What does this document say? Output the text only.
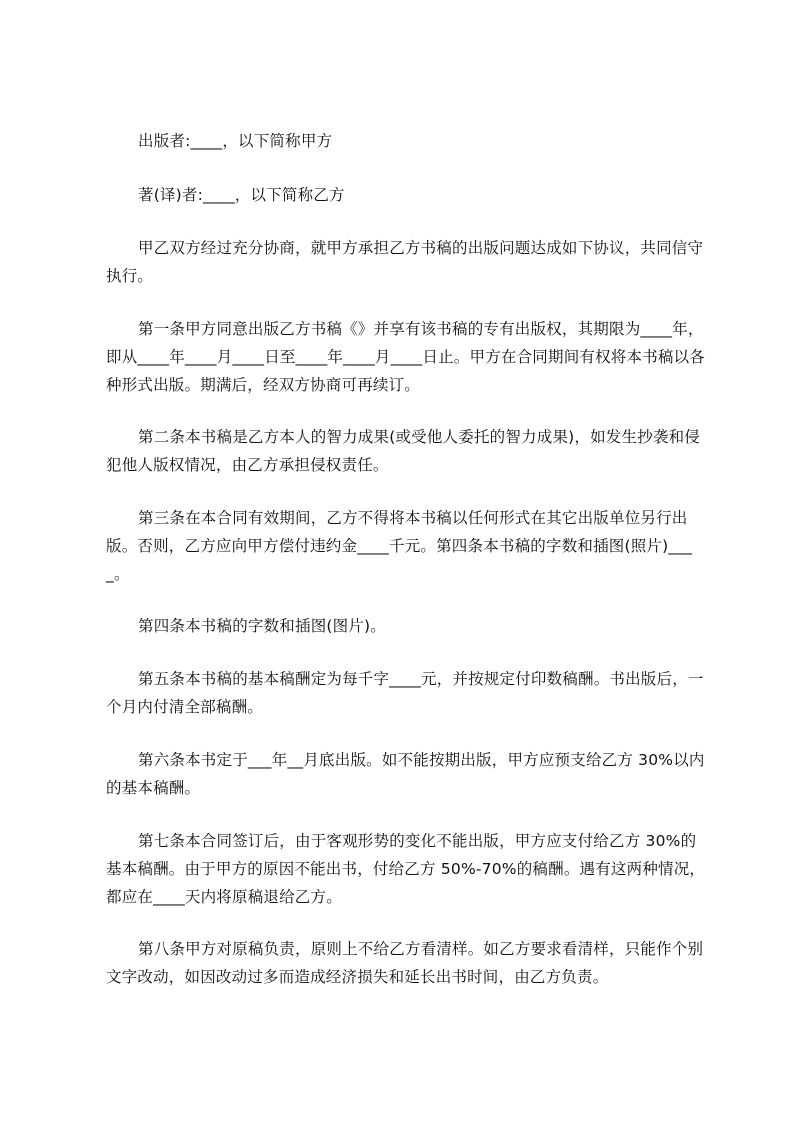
出版者:____，以下简称甲方
著(译)者:____，以下简称乙方
甲乙双方经过充分协商，就甲方承担乙方书稿的出版问题达成如下协议，共同信守执行。
第一条甲方同意出版乙方书稿《》并享有该书稿的专有出版权，其期限为____年，即从____年____月____日至____年____月____日止。甲方在合同期间有权将本书稿以各种形式出版。期满后，经双方协商可再续订。
第二条本书稿是乙方本人的智力成果(或受他人委托的智力成果)，如发生抄袭和侵犯他人版权情况，由乙方承担侵权责任。
第三条在本合同有效期间，乙方不得将本书稿以任何形式在其它出版单位另行出版。否则，乙方应向甲方偿付违约金____千元。第四条本书稿的字数和插图(照片)____。
第四条本书稿的字数和插图(图片)。
第五条本书稿的基本稿酬定为每千字____元，并按规定付印数稿酬。书出版后，一个月内付清全部稿酬。
第六条本书定于___年__月底出版。如不能按期出版，甲方应预支给乙方 30%以内的基本稿酬。
第七条本合同签订后，由于客观形势的变化不能出版，甲方应支付给乙方 30%的基本稿酬。由于甲方的原因不能出书，付给乙方 50%-70%的稿酬。遇有这两种情况，都应在____天内将原稿退给乙方。
第八条甲方对原稿负责，原则上不给乙方看清样。如乙方要求看清样，只能作个别文字改动，如因改动过多而造成经济损失和延长出书时间，由乙方负责。
